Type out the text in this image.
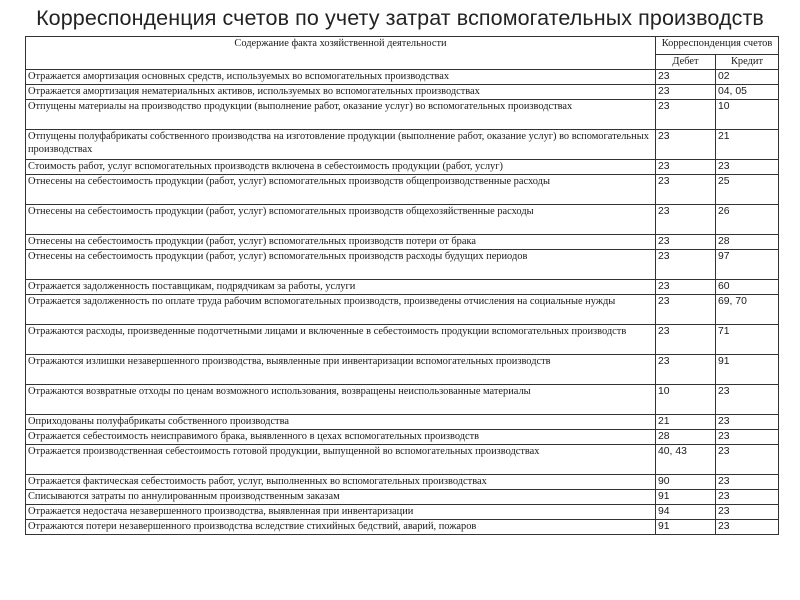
Корреспонденция счетов по учету затрат вспомогательных производств
Содержание факта хозяйственной деятельности	Корреспонденция счетов	
	Дебет	Кредит
Отражается амортизация основных средств, используемых во вспомогательных производствах	23	02
Отражается амортизация нематериальных активов, используемых во вспомогательных производствах	23	04, 05
Отпущены материалы на производство продукции (выполнение работ, оказание услуг) во вспомогательных производствах	23	10
Отпущены полуфабрикаты собственного производства на изготовление продукции (выполнение работ, оказание услуг) во вспомогательных производствах	23	21
Стоимость работ, услуг вспомогательных производств включена в себестоимость продукции (работ, услуг)	23	23
Отнесены на себестоимость продукции (работ, услуг) вспомогательных производств общепроизводственные расходы	23	25
Отнесены на себестоимость продукции (работ, услуг) вспомогательных производств общехозяйственные расходы	23	26
Отнесены на себестоимость продукции (работ, услуг) вспомогательных производств потери от брака	23	28
Отнесены на себестоимость продукции (работ, услуг) вспомогательных производств расходы будущих периодов	23	97
Отражается задолженность поставщикам, подрядчикам за работы, услуги	23	60
Отражается задолженность по оплате труда рабочим вспомогательных производств, произведены отчисления на социальные нужды	23	69, 70
Отражаются расходы, произведенные подотчетными лицами и включенные в себестоимость продукции вспомогательных производств	23	71
Отражаются излишки незавершенного производства, выявленные при инвентаризации вспомогательных производств	23	91
Отражаются возвратные отходы по ценам возможного использования, возвращены неиспользованные материалы	10	23
Оприходованы полуфабрикаты собственного производства	21	23
Отражается себестоимость неисправимого брака, выявленного в цехах вспомогательных производств	28	23
Отражается производственная себестоимость готовой продукции, выпущенной во вспомогательных производствах	40, 43	23
Отражается фактическая себестоимость работ, услуг, выполненных во вспомогательных производствах	90	23
Списываются затраты по аннулированным производственным заказам	91	23
Отражается недостача незавершенного производства, выявленная при инвентаризации	94	23
Отражаются потери незавершенного производства вследствие стихийных бедствий, аварий, пожаров	91	23
